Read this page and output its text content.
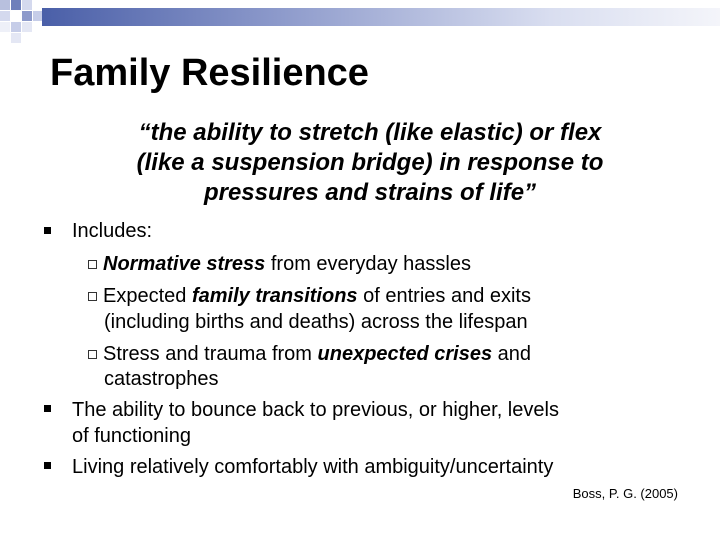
Family Resilience
“the ability to stretch (like elastic) or flex
(like a suspension bridge) in response to
pressures and strains of life”
Includes:
Normative stress from everyday hassles
Expected family transitions of entries and exits
(including births and deaths) across the lifespan
Stress and trauma from unexpected crises and
catastrophes
The ability to bounce back to previous, or higher, levels
of functioning
Living relatively comfortably with ambiguity/uncertainty
Boss, P. G. (2005)
